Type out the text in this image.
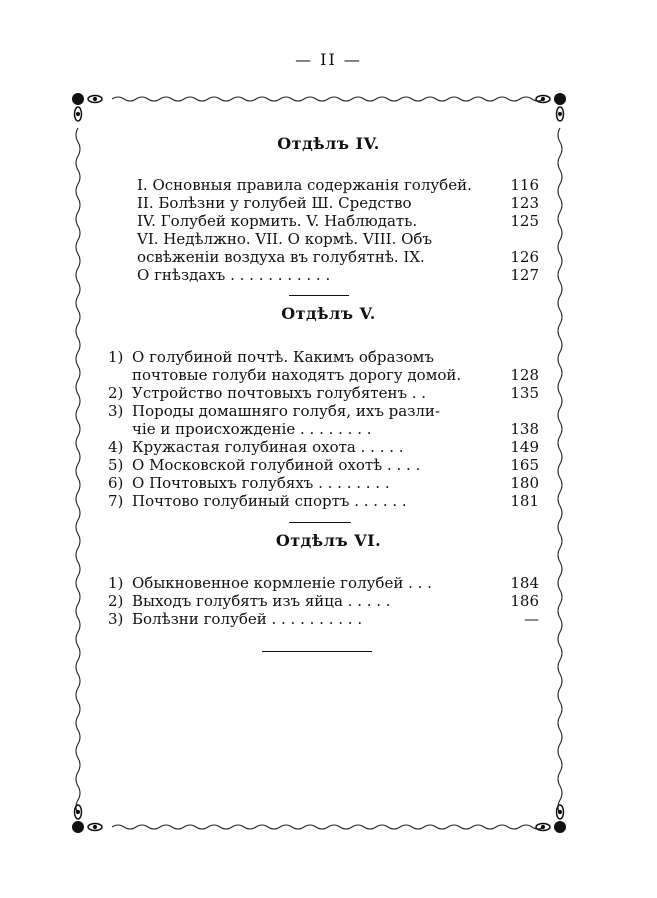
— II —
Отдѣлъ IV.
I. Основныя правила содержанія голубей.	116
II. Болѣзни у голубей Ш. Средство	123
IV. Голубей кормить. V. Наблюдать.	125
VI. Недѣлжно. VII. О кормѣ. VIII. Объ
освѣженіи воздуха въ голубятнѣ. IX.	126
О гнѣздахъ . . . . . . . . . . .	127
Отдѣлъ V.
1) О голубиной почтѣ. Какимъ образомъ
почтовые голуби находятъ дорогу домой.	128
2) Устройство почтовыхъ голубятенъ . .	135
3) Породы домашняго голубя, ихъ разли-
чіе и происхожденіе . . . . . . . .	138
4) Кружастая голубиная охота . . . . .	149
5) О Московской голубиной охотѣ . . . .	165
6) О Почтовыхъ голубяхъ . . . . . . . .	180
7) Почтово голубиный спортъ . . . . . .	181
Отдѣлъ VI.
1) Обыкновенное кормленіе голубей . . .	184
2) Выходъ голубятъ изъ яйца . . . . .	186
3) Болѣзни голубей . . . . . . . . . .	—
